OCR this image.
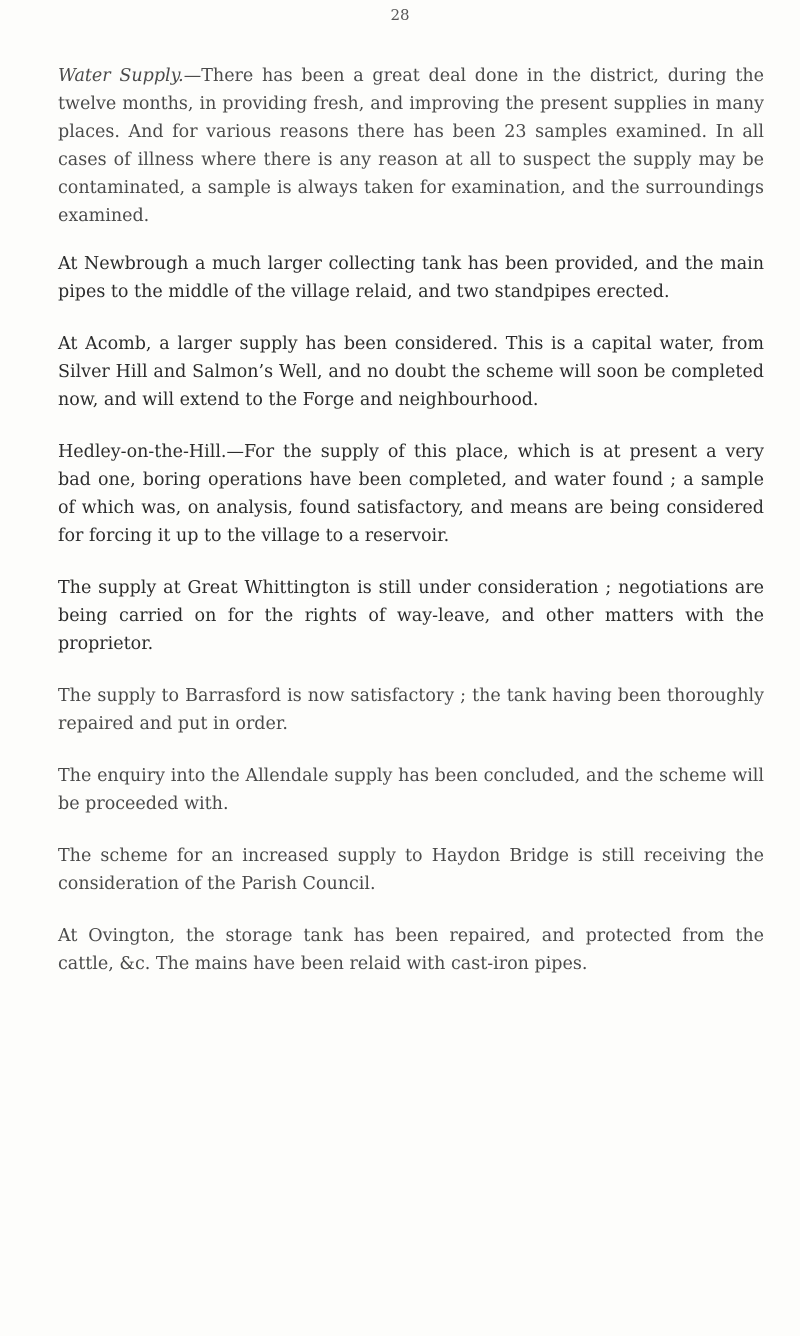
28

Water Supply.—There has been a great deal done in the district, during the twelve months, in providing fresh, and improving the present supplies in many places. And for various reasons there has been 23 samples examined. In all cases of illness where there is any reason at all to suspect the supply may be contaminated, a sample is always taken for examination, and the surroundings examined.

At Newbrough a much larger collecting tank has been provided, and the main pipes to the middle of the village relaid, and two standpipes erected.

At Acomb, a larger supply has been considered. This is a capital water, from Silver Hill and Salmon’s Well, and no doubt the scheme will soon be completed now, and will extend to the Forge and neighbourhood.

Hedley-on-the-Hill.—For the supply of this place, which is at present a very bad one, boring operations have been completed, and water found ; a sample of which was, on analysis, found satisfactory, and means are being considered for forcing it up to the village to a reservoir.

The supply at Great Whittington is still under consideration ; negotiations are being carried on for the rights of way-leave, and other matters with the proprietor.

The supply to Barrasford is now satisfactory ; the tank having been thoroughly repaired and put in order.

The enquiry into the Allendale supply has been concluded, and the scheme will be proceeded with.

The scheme for an increased supply to Haydon Bridge is still receiving the consideration of the Parish Council.

At Ovington, the storage tank has been repaired, and protected from the cattle, &c. The mains have been relaid with cast-iron pipes.
